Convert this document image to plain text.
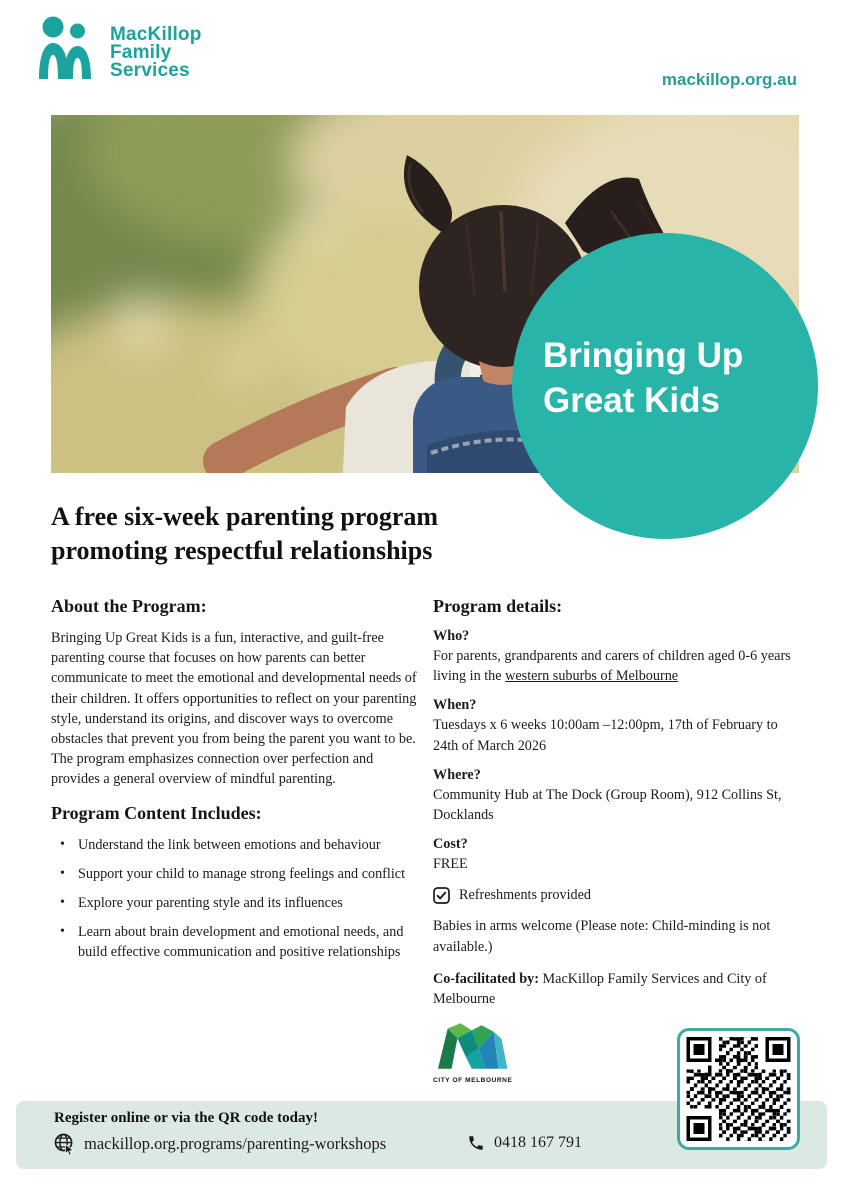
MacKillop
Family
Services	mackillop.org.au
Bringing Up
Great Kids
A free six-week parenting program
promoting respectful relationships
About the Program:

Bringing Up Great Kids is a fun, interactive, and guilt-free parenting course that focuses on how parents can better communicate to meet the emotional and developmental needs of their children. It offers opportunities to reflect on your parenting style, understand its origins, and discover ways to overcome obstacles that prevent you from being the parent you want to be. The program emphasizes connection over perfection and provides a general overview of mindful parenting.

Program Content Includes:
• Understand the link between emotions and behaviour
• Support your child to manage strong feelings and conflict
• Explore your parenting style and its influences
• Learn about brain development and emotional needs, and build effective communication and positive relationships
Program details:
Who?

For parents, grandparents and carers of children aged 0-6 years living in the western suburbs of Melbourne

When?

Tuesdays x 6 weeks 10:00am –12:00pm, 17th of February to 24th of March 2026

Where?

Community Hub at The Dock (Group Room), 912 Collins St, Docklands

Cost?

FREE

Refreshments provided

Babies in arms welcome (Please note: Child-minding is not available.)

Co-facilitated by: MacKillop Family Services and City of Melbourne

CITY OF MELBOURNE
Register online or via the QR code today!
mackillop.org.programs/parenting-workshops	0418 167 791
